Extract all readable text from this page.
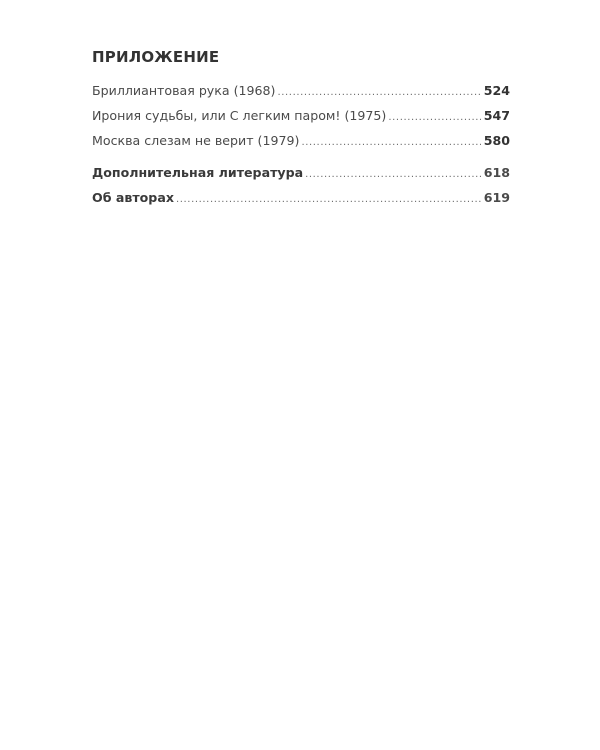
ПРИЛОЖЕНИЕ
Бриллиантовая рука (1968) .....	524
Ирония судьбы, или С легким паром! (1975) .....	547
Москва слезам не верит (1979) .....	580
Дополнительная литература .....	618
Об авторах .....	619
